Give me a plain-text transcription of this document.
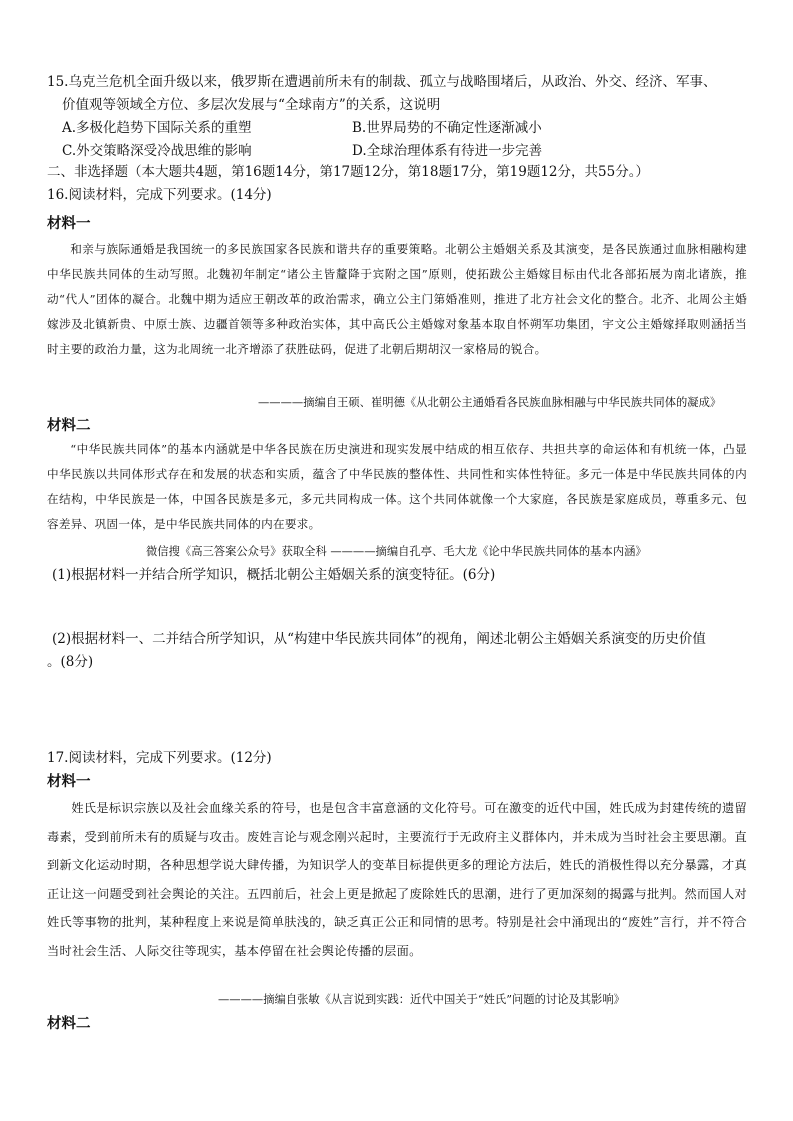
15.乌克兰危机全面升级以来，俄罗斯在遭遇前所未有的制裁、孤立与战略围堵后，从政治、外交、经济、军事、
价值观等领域全方位、多层次发展与“全球南方”的关系，这说明
A.多极化趋势下国际关系的重塑	B.世界局势的不确定性逐渐减小
C.外交策略深受冷战思维的影响	D.全球治理体系有待进一步完善
二、非选择题（本大题共4题，第16题14分，第17题12分，第18题17分，第19题12分，共55分。）
16.阅读材料，完成下列要求。(14分)
材料一

和亲与族际通婚是我国统一的多民族国家各民族和谐共存的重要策略。北朝公主婚姻关系及其演变，是各民族通过血脉相融构建中华民族共同体的生动写照。北魏初年制定“诸公主皆釐降于宾附之国”原则，使拓跋公主婚嫁目标由代北各部拓展为南北诸族，推动“代人”团体的凝合。北魏中期为适应王朝改革的政治需求，确立公主门第婚准则，推进了北方社会文化的整合。北齐、北周公主婚嫁涉及北镇新贵、中原士族、边疆首领等多种政治实体，其中高氏公主婚嫁对象基本取自怀朔军功集团，宇文公主婚嫁择取则涵括当时主要的政治力量，这为北周统一北齐增添了获胜砝码，促进了北朝后期胡汉一家格局的锐合。

————摘编自王硕、崔明德《从北朝公主通婚看各民族血脉相融与中华民族共同体的凝成》
材料二

“中华民族共同体”的基本内涵就是中华各民族在历史演进和现实发展中结成的相互依存、共担共享的命运体和有机统一体，凸显中华民族以共同体形式存在和发展的状态和实质，蕴含了中华民族的整体性、共同性和实体性特征。多元一体是中华民族共同体的内在结构，中华民族是一体，中国各民族是多元，多元共同构成一体。这个共同体就像一个大家庭，各民族是家庭成员，尊重多元、包容差异、巩固一体，是中华民族共同体的内在要求。

微信搜《高三答案公众号》获取全科 ————摘编自孔亭、毛大龙《论中华民族共同体的基本内涵》
(1)根据材料一并结合所学知识，概括北朝公主婚姻关系的演变特征。(6分)
(2)根据材料一、二并结合所学知识，从“构建中华民族共同体”的视角，阐述北朝公主婚姻关系演变的历史价值
。(8分)
17.阅读材料，完成下列要求。(12分)
材料一

姓氏是标识宗族以及社会血缘关系的符号，也是包含丰富意涵的文化符号。可在激变的近代中国，姓氏成为封建传统的遗留毒素，受到前所未有的质疑与攻击。废姓言论与观念刚兴起时，主要流行于无政府主义群体内，并未成为当时社会主要思潮。直到新文化运动时期，各种思想学说大肆传播，为知识学人的变革目标提供更多的理论方法后，姓氏的消极性得以充分暴露，才真正让这一问题受到社会舆论的关注。五四前后，社会上更是掀起了废除姓氏的思潮，进行了更加深刻的揭露与批判。然而国人对姓氏等事物的批判，某种程度上来说是简单肤浅的，缺乏真正公正和同情的思考。特别是社会中涌现出的“废姓”言行，并不符合当时社会生活、人际交往等现实，基本停留在社会舆论传播的层面。

————摘编自张敏《从言说到实践：近代中国关于“姓氏”问题的讨论及其影响》
材料二
